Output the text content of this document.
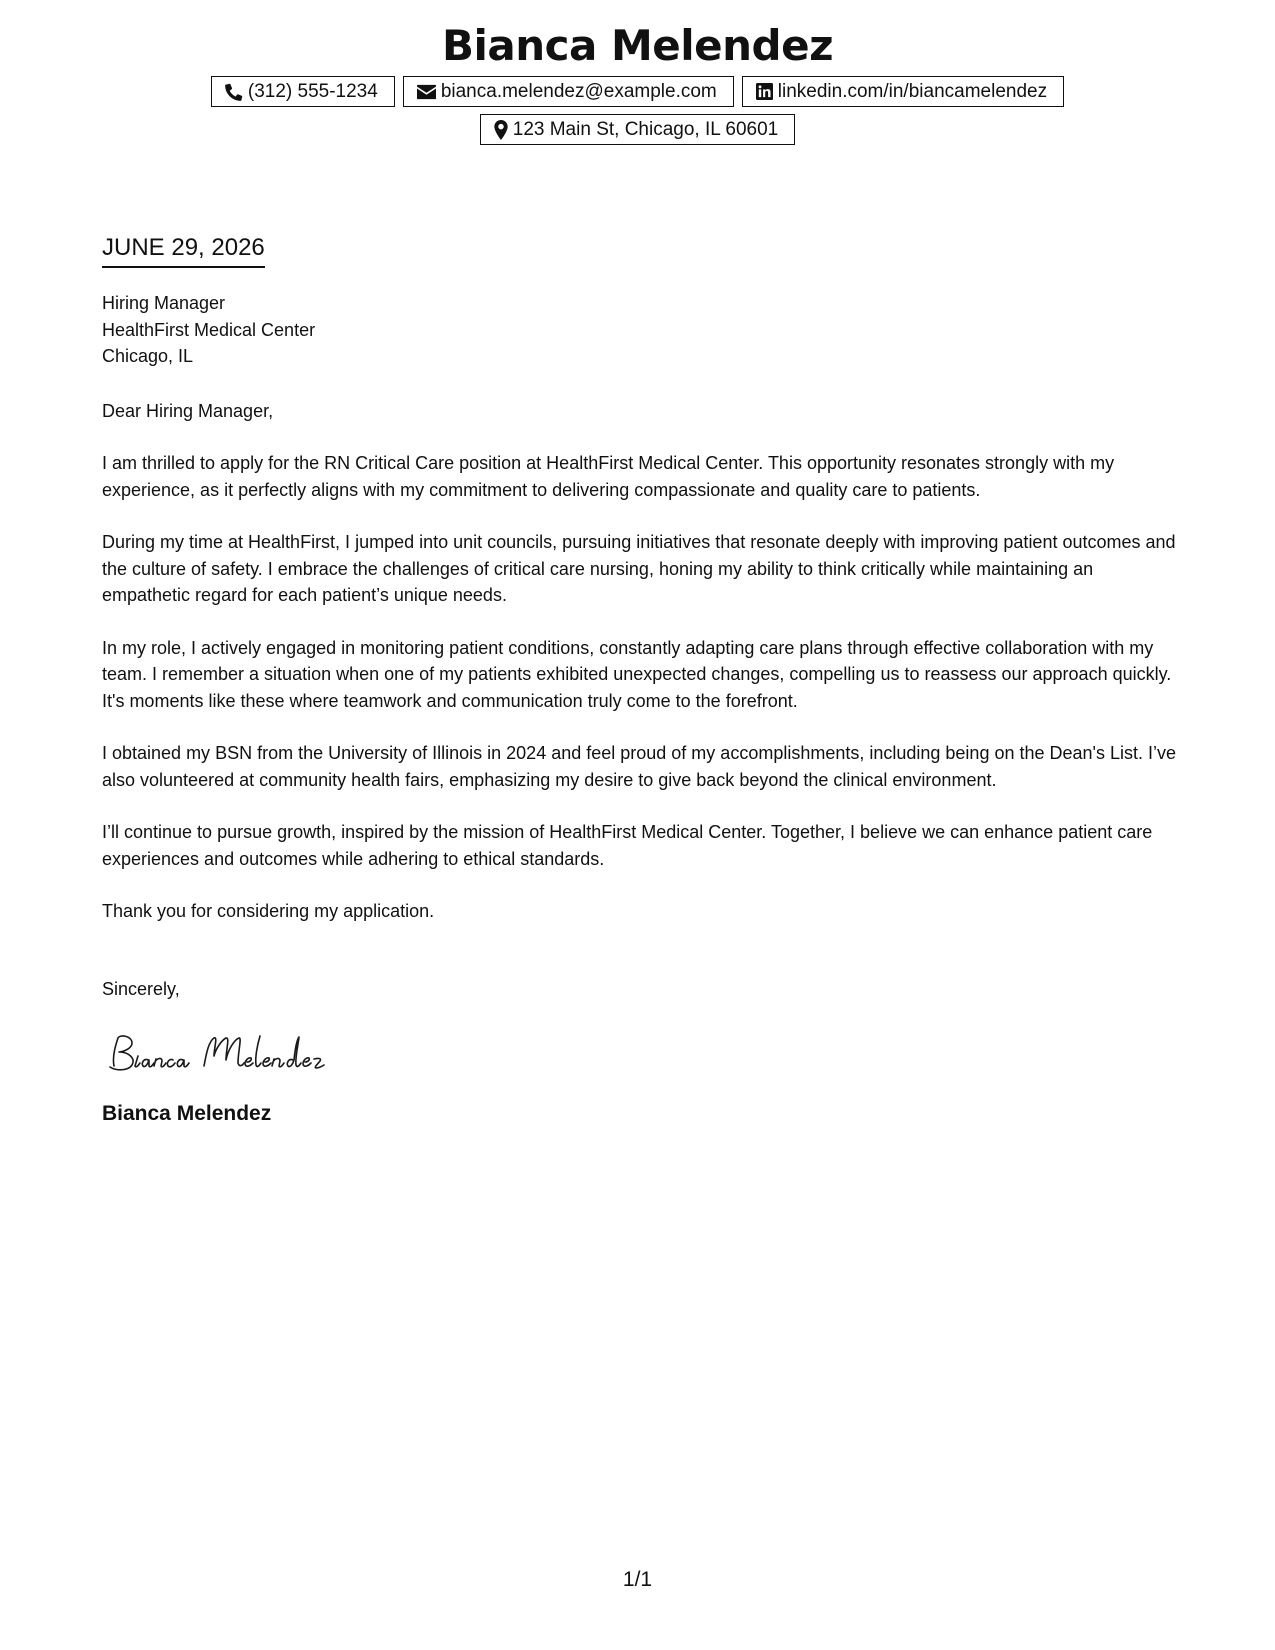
Bianca Melendez
(312) 555-1234	bianca.melendez@example.com	linkedin.com/in/biancamelendez
123 Main St, Chicago, IL 60601
JUNE 29, 2026
Hiring Manager
HealthFirst Medical Center
Chicago, IL
Dear Hiring Manager,

I am thrilled to apply for the RN Critical Care position at HealthFirst Medical Center. This opportunity resonates strongly with my experience, as it perfectly aligns with my commitment to delivering compassionate and quality care to patients.

During my time at HealthFirst, I jumped into unit councils, pursuing initiatives that resonate deeply with improving patient outcomes and the culture of safety. I embrace the challenges of critical care nursing, honing my ability to think critically while maintaining an empathetic regard for each patient’s unique needs.

In my role, I actively engaged in monitoring patient conditions, constantly adapting care plans through effective collaboration with my team. I remember a situation when one of my patients exhibited unexpected changes, compelling us to reassess our approach quickly. It's moments like these where teamwork and communication truly come to the forefront.

I obtained my BSN from the University of Illinois in 2024 and feel proud of my accomplishments, including being on the Dean's List. I’ve also volunteered at community health fairs, emphasizing my desire to give back beyond the clinical environment.

I’ll continue to pursue growth, inspired by the mission of HealthFirst Medical Center. Together, I believe we can enhance patient care experiences and outcomes while adhering to ethical standards.

Thank you for considering my application.

Sincerely,
Bianca Melendez
1/1
